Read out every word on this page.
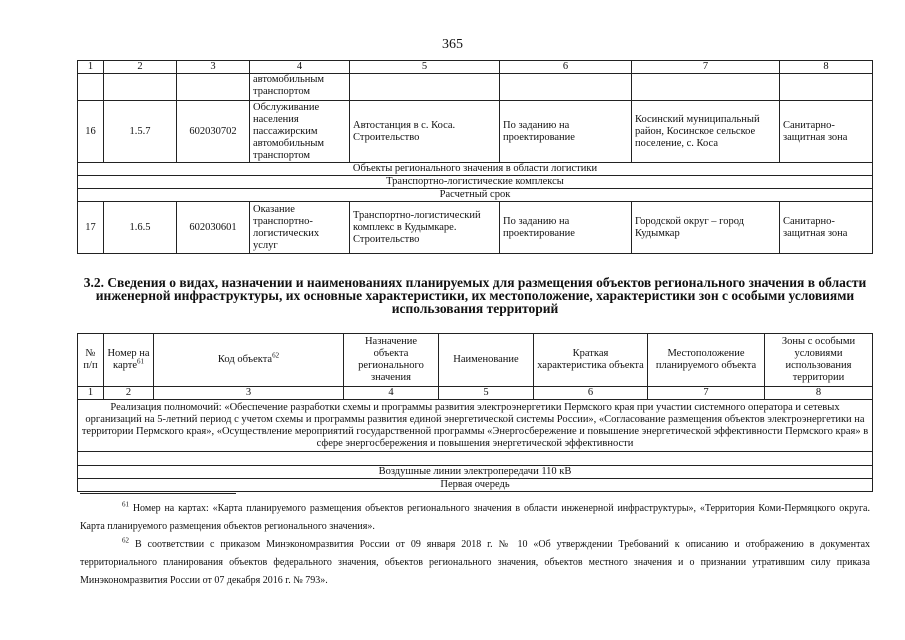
365
1	2	3	4	5	6	7	8
			автомобильным транспортом				
16	1.5.7	602030702	Обслуживание населения пассажирским автомобильным транспортом	Автостанция в с. Коса. Строительство	По заданию на проектирование	Косинский муниципальный район, Косинское сельское поселение, с. Коса	Санитарно-защитная зона
Объекты регионального значения в области логистики							
Транспортно-логистические комплексы							
Расчетный срок							
17	1.6.5	602030601	Оказание транспортно-логистических услуг	Транспортно-логистический комплекс в Кудымкаре. Строительство	По заданию на проектирование	Городской округ – город Кудымкар	Санитарно-защитная зона
3.2. Сведения о видах, назначении и наименованиях планируемых для размещения объектов регионального значения в области инженерной инфраструктуры, их основные характеристики, их местоположение, характеристики зон с особыми условиями использования территорий
№ п/п	Номер на карте$^{61}$	Код объекта$^{62}$	Назначение объекта регионального значения	Наименование	Краткая характеристика объекта	Местоположение планируемого объекта	Зоны с особыми условиями использования территории
1	2	3	4	5	6	7	8
Реализация полномочий: «Обеспечение разработки схемы и программы развития электроэнергетики Пермского края при участии системного оператора и сетевых организаций на 5-летний период с учетом схемы и программы развития единой энергетической системы России», «Согласование размещения объектов электроэнергетики на территории Пермского края», «Осуществление мероприятий государственной программы «Энергосбережение и повышение энергетической эффективности Пермского края» в сфере энергосбережения и повышения энергетической эффективности							

Воздушные линии электропередачи 110 кВ							
Первая очередь							

$^{61}$ Номер на картах: «Карта планируемого размещения объектов регионального значения в области инженерной инфраструктуры», «Территория Коми-Пермяцкого округа. Карта планируемого размещения объектов регионального значения».

$^{62}$ В соответствии с приказом Минэкономразвития России от 09 января 2018 г. № 10 «Об утверждении Требований к описанию и отображению в документах территориального планирования объектов федерального значения, объектов регионального значения, объектов местного значения и о признании утратившим силу приказа Минэкономразвития России от 07 декабря 2016 г. № 793».
